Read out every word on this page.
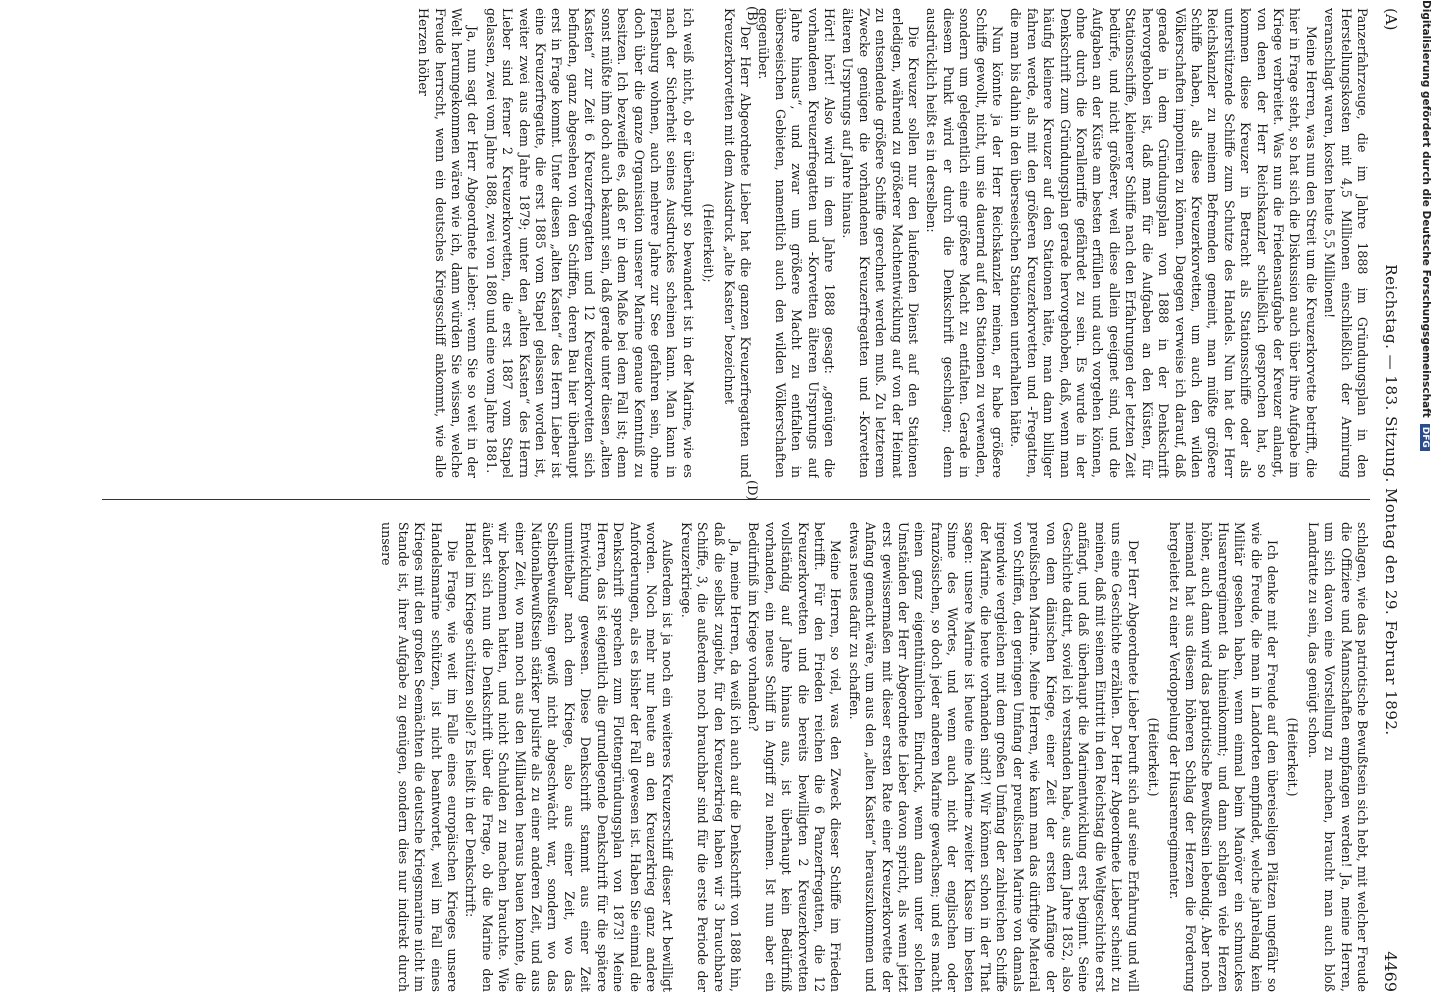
(A)
Reichstag. — 183. Sitzung. Montag den 29. Februar 1892.
4469

Panzerfahrzeuge, die im Jahre 1888 im Gründungsplan in den Herstellungskosten mit 4,5 Millionen einschließlich der Armirung veranschlagt waren, kosten heute 5,5 Millionen!

Meine Herren, was nun den Streit um die Kreuzerkorvette betrifft, die hier in Frage steht, so hat sich die Diskussion auch über ihre Aufgabe im Kriege verbreitet. Was nun die Friedensaufgabe der Kreuzer anlangt, von denen der Herr Reichskanzler schließlich gesprochen hat, so kommen diese Kreuzer in Betracht als Stationsschiffe oder als unterstützende Schiffe zum Schutze des Handels. Nun hat der Herr Reichskanzler zu meinem Befremden gemeint, man müßte größere Schiffe haben, als diese Kreuzerkorvetten, um auch den wilden Völkerschaften imponiren zu können. Dagegen verweise ich darauf, daß gerade in dem Gründungsplan von 1888 in der Denkschrift hervorgehoben ist, daß man für die Aufgaben an den Küsten, für Stationsschiffe, kleinerer Schiffe nach den Erfahrungen der letzten Zeit bedürfe, und nicht größerer, weil diese allein geeignet sind, und die Aufgaben an der Küste am besten erfüllen und auch vorgehen können, ohne durch die Korallenriffe gefährdet zu sein. Es wurde in der Denkschrift zum Gründungsplan gerade hervorgehoben, daß, wenn man häufig kleinere Kreuzer auf den Stationen hätte, man dann billiger fahren werde, als mit den größeren Kreuzerkorvetten und -Fregatten, die man bis dahin in den überseeischen Stationen unterhalten hätte.

Nun könnte ja der Herr Reichskanzler meinen, er habe größere Schiffe gewollt, nicht, um sie dauernd auf den Stationen zu verwenden, sondern um gelegentlich eine größere Macht zu entfalten. Gerade in diesem Punkt wird er durch die Denkschrift geschlagen; denn ausdrücklich heißt es in derselben:

Die Kreuzer sollen nur den laufenden Dienst auf den Stationen erledigen, während zu größerer Machtentwicklung auf von der Heimat zu entsendende größere Schiffe gerechnet werden muß. Zu letzterem Zwecke genügen die vorhandenen Kreuzerfregatten und -Korvetten älteren Ursprungs auf Jahre hinaus.

Hört! hört! Also wird in dem Jahre 1888 gesagt: „genügen die vorhandenen Kreuzerfregatten und -Korvetten älteren Ursprungs auf Jahre hinaus“, und zwar um größere Macht zu entfalten in überseeischen Gebieten, namentlich auch den wilden Völkerschaften gegenüber.

Der Herr Abgeordnete Lieber hat die ganzen Kreuzerfregatten und Kreuzerkorvetten mit dem Ausdruck „alte Kasten“ bezeichnet

(Heiterkeit);

ich weiß nicht, ob er überhaupt so bewandert ist in der Marine, wie es nach der Sicherheit seines Ausdruckes scheinen kann. Man kann in Flensburg wohnen, auch mehrere Jahre zur See gefahren sein, ohne doch über die ganze Organisation unserer Marine genaue Kenntniß zu besitzen. Ich bezweifle es, daß er in dem Maße bei dem Fall ist; denn sonst müßte ihm doch auch bekannt sein, daß gerade unter diesen „alten Kasten“ zur Zeit 6 Kreuzerfregatten und 12 Kreuzerkorvetten sich befinden, ganz abgesehen von den Schiffen, deren Bau hier überhaupt erst in Frage kommt. Unter diesen „alten Kasten“ des Herrn Lieber ist eine Kreuzerfregatte, die erst 1885 vom Stapel gelassen worden ist, weiter zwei aus dem Jahre 1879; unter den „alten Kasten“ des Herrn Lieber sind ferner 2 Kreuzerkorvetten, die erst 1887 vom Stapel gelassen, zwei vom Jahre 1888, zwei von 1880 und eine vom Jahre 1881.

Ja, nun sagt der Herr Abgeordnete Lieber: wenn Sie so weit in der Welt herumgekommen wären wie ich, dann würden Sie wissen, welche Freude herrscht, wenn ein deutsches Kriegsschiff ankommt, wie alle Herzen höher	(B)
(D)

schlagen, wie das patriotische Bewußtsein sich hebt, mit welcher Freude die Offiziere und Mannschaften empfangen werden! Ja, meine Herren, um sich davon eine Vorstellung zu machen, braucht man auch bloß Landratte zu sein, das genügt schon.

(Heiterkeit.)

Ich denke mit der Freude auf den übereiseligen Plätzen ungefähr so wie die Freude, die man in Landorten empfindet, welche jahrelang kein Militär gesehen haben, wenn einmal beim Manöver ein schmuckes Husarenregiment da hineinkommt; und dann schlagen viele Herzen höher, auch dann wird das patriotische Bewußtsein lebendig. Aber noch niemand hat aus diesem höheren Schlag der Herzen die Forderung hergeleitet zu einer Verdoppelung der Husarenregimenter.

(Heiterkeit.)

Der Herr Abgeordnete Lieber beruft sich auf seine Erfahrung und will uns eine Geschichte erzählen. Der Herr Abgeordnete Lieber scheint zu meinen, daß mit seinem Eintritt in den Reichstag die Weltgeschichte erst anfängt, und daß überhaupt die Marinentwicklung erst beginnt. Seine Geschichte datirt, soviel ich verstanden habe, aus dem Jahre 1852, also von dem dänischen Kriege, einer Zeit der ersten Anfänge der preußischen Marine. Meine Herren, wie kann man das dürftige Material von Schiffen, den geringen Umfang der preußischen Marine von damals irgendwie vergleichen mit dem großen Umfang der zahlreichen Schiffe der Marine, die heute vorhanden sind?! Wir können schon in der That sagen: unsere Marine ist heute eine Marine zweiter Klasse im besten Sinne des Wortes, und wenn auch nicht der englischen oder französischen, so doch jeder anderen Marine gewachsen; und es macht einen ganz eigenthümlichen Eindruck, wenn dann unter solchen Umständen der Herr Abgeordnete Lieber davon spricht, als wenn jetzt erst gewissermaßen mit dieser ersten Rate einer Kreuzerkorvette der Anfang gemacht wäre, um aus den „alten Kasten“ herauszukommen und etwas neues dafür zu schaffen.

Meine Herren, so viel, was den Zweck dieser Schiffe im Frieden betrifft. Für den Frieden reichen die 6 Panzerfregatten, die 12 Kreuzerkorvetten und die bereits bewilligten 2 Kreuzerkorvetten vollständig auf Jahre hinaus aus, ist überhaupt kein Bedürfniß vorhanden, ein neues Schiff in Angriff zu nehmen. Ist nun aber ein Bedürfniß im Kriege vorhanden?

Ja, meine Herren, da weiß ich auch auf die Denkschrift von 1888 hin, daß die selbst zugiebt, für den Kreuzerkrieg haben wir 3 brauchbare Schiffe, 3, die außerdem noch brauchbar sind für die erste Periode der Kreuzerkriege.

Außerdem ist ja noch ein weiteres Kreuzerschiff dieser Art bewilligt worden. Noch mehr nur heute an den Kreuzerkrieg ganz andere Anforderungen, als es bisher der Fall gewesen ist. Haben Sie einmal die Denkschrift sprechen zum Flottengründungsplan von 1873! Meine Herren, das ist eigentlich die grundlegende Denkschrift für die spätere Entwicklung gewesen. Diese Denkschrift stammt aus einer Zeit unmittelbar nach dem Kriege, also aus einer Zeit, wo das Selbstbewußtsein gewiß nicht abgeschwächt war, sondern wo das Nationalbewußtsein stärker pulsirte als zu einer anderen Zeit, und aus einer Zeit, wo man noch aus den Milliarden heraus bauen konnte, die wir bekommen hatten, und nicht Schulden zu machen brauchte. Wie äußert sich nun die Denkschrift über die Frage, ob die Marine den Handel im Kriege schützen solle? Es heißt in der Denkschrift:

Die Frage, wie weit im Falle eines europäischen Krieges unsere Handelsmarine schützen, ist nicht beantwortet, weil im Fall eines Krieges mit den großen Seemächten die deutsche Kriegsmarine nicht im Stande ist, ihrer Aufgabe zu genügen, sondern dies nur indirekt durch unsere

Digitalisierung gefördert durch die Deutsche ForschungsgemeinschaftDFG
